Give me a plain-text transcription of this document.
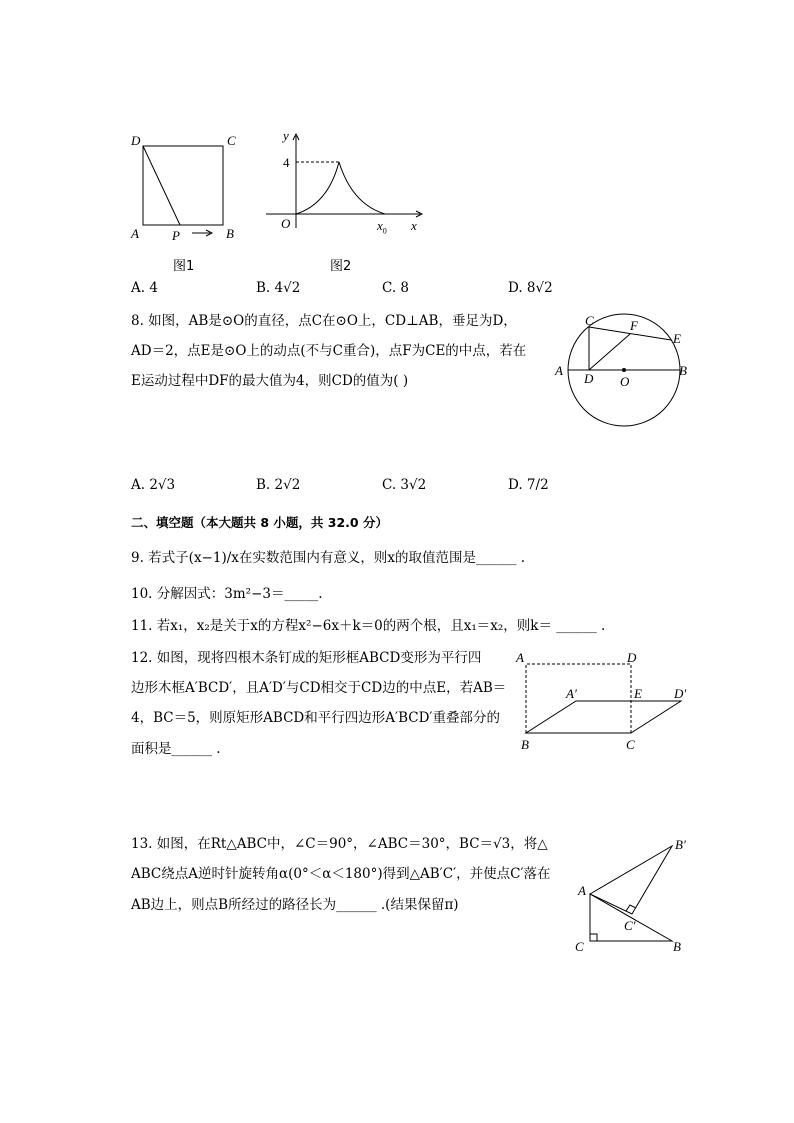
D	C
A	P	B
图1
y
4
O	$x_0$ x
图2
A. 4	B. 4√2	C. 8	D. 8√2
8. 如图，AB是⊙O的直径，点C在⊙O上，CD⊥AB，垂足为D，
AD＝2，点E是⊙O上的动点(不与C重合)，点F为CE的中点，若在
E运动过程中DF的最大值为4，则CD的值为( )
C	F
E
A
D O
B
A. 2√3	B. 2√2	C. 3√2	D. 7/2
二、填空题（本大题共 8 小题，共 32.0 分）
9. 若式子(x−1)/x在实数范围内有意义，则x的取值范围是______ .
10. 分解因式：3m²−3＝_____.
11. 若x₁，x₂是关于x的方程x²−6x＋k＝0的两个根，且x₁＝x₂，则k＝ ______ .
12. 如图，现将四根木条钉成的矩形框ABCD变形为平行四
边形木框A′BCD′，且A′D′与CD相交于CD边的中点E，若AB＝
4，BC＝5，则原矩形ABCD和平行四边形A′BCD′重叠部分的
面积是______ .
A	D
A′	E D′
B	C
13. 如图，在Rt△ABC中，∠C＝90°，∠ABC＝30°，BC＝√3，将△
ABC绕点A逆时针旋转角α(0°＜α＜180°)得到△AB′C′，并使点C′落在
AB边上，则点B所经过的路径长为______ .(结果保留π)
B′
A
C′
C	B
